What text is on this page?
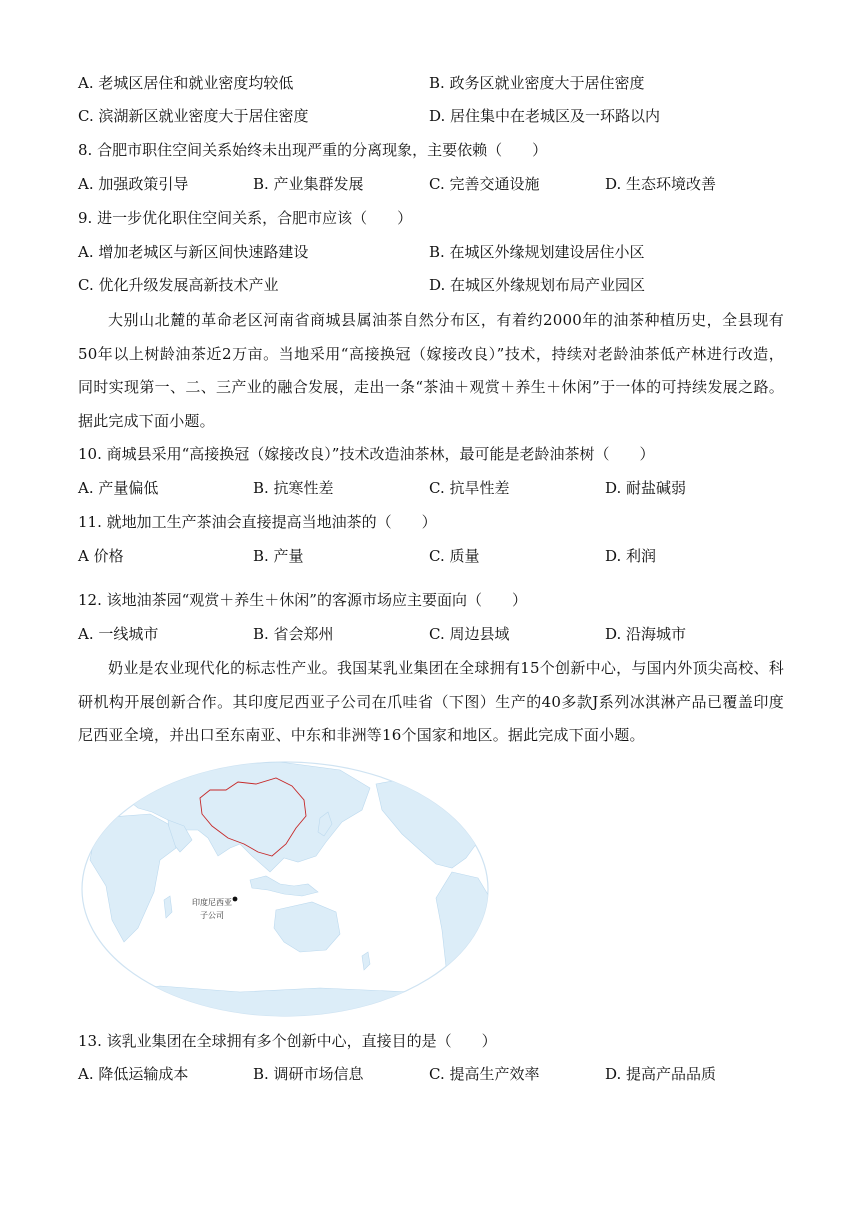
A. 老城区居住和就业密度均较低	B. 政务区就业密度大于居住密度
C. 滨湖新区就业密度大于居住密度	D. 居住集中在老城区及一环路以内
8. 合肥市职住空间关系始终未出现严重的分离现象，主要依赖（　　）
A. 加强政策引导	B. 产业集群发展	C. 完善交通设施	D. 生态环境改善
9. 进一步优化职住空间关系，合肥市应该（　　）
A. 增加老城区与新区间快速路建设	B. 在城区外缘规划建设居住小区
C. 优化升级发展高新技术产业	D. 在城区外缘规划布局产业园区
大别山北麓的革命老区河南省商城县属油茶自然分布区，有着约2000年的油茶种植历史，全县现有50年以上树龄油茶近2万亩。当地采用“高接换冠（嫁接改良）”技术，持续对老龄油茶低产林进行改造，同时实现第一、二、三产业的融合发展，走出一条“茶油＋观赏＋养生＋休闲”于一体的可持续发展之路。据此完成下面小题。
10. 商城县采用“高接换冠（嫁接改良）”技术改造油茶林，最可能是老龄油茶树（　　）
A. 产量偏低	B. 抗寒性差	C. 抗旱性差	D. 耐盐碱弱
11. 就地加工生产茶油会直接提高当地油茶的（　　）
A 价格	B. 产量	C. 质量	D. 利润
12. 该地油茶园“观赏＋养生＋休闲”的客源市场应主要面向（　　）
A. 一线城市	B. 省会郑州	C. 周边县域	D. 沿海城市
奶业是农业现代化的标志性产业。我国某乳业集团在全球拥有15个创新中心，与国内外顶尖高校、科研机构开展创新合作。其印度尼西亚子公司在爪哇省（下图）生产的40多款J系列冰淇淋产品已覆盖印度尼西亚全境，并出口至东南亚、中东和非洲等16个国家和地区。据此完成下面小题。
印度尼西亚
子公司
13. 该乳业集团在全球拥有多个创新中心，直接目的是（　　）
A. 降低运输成本	B. 调研市场信息	C. 提高生产效率	D. 提高产品品质
